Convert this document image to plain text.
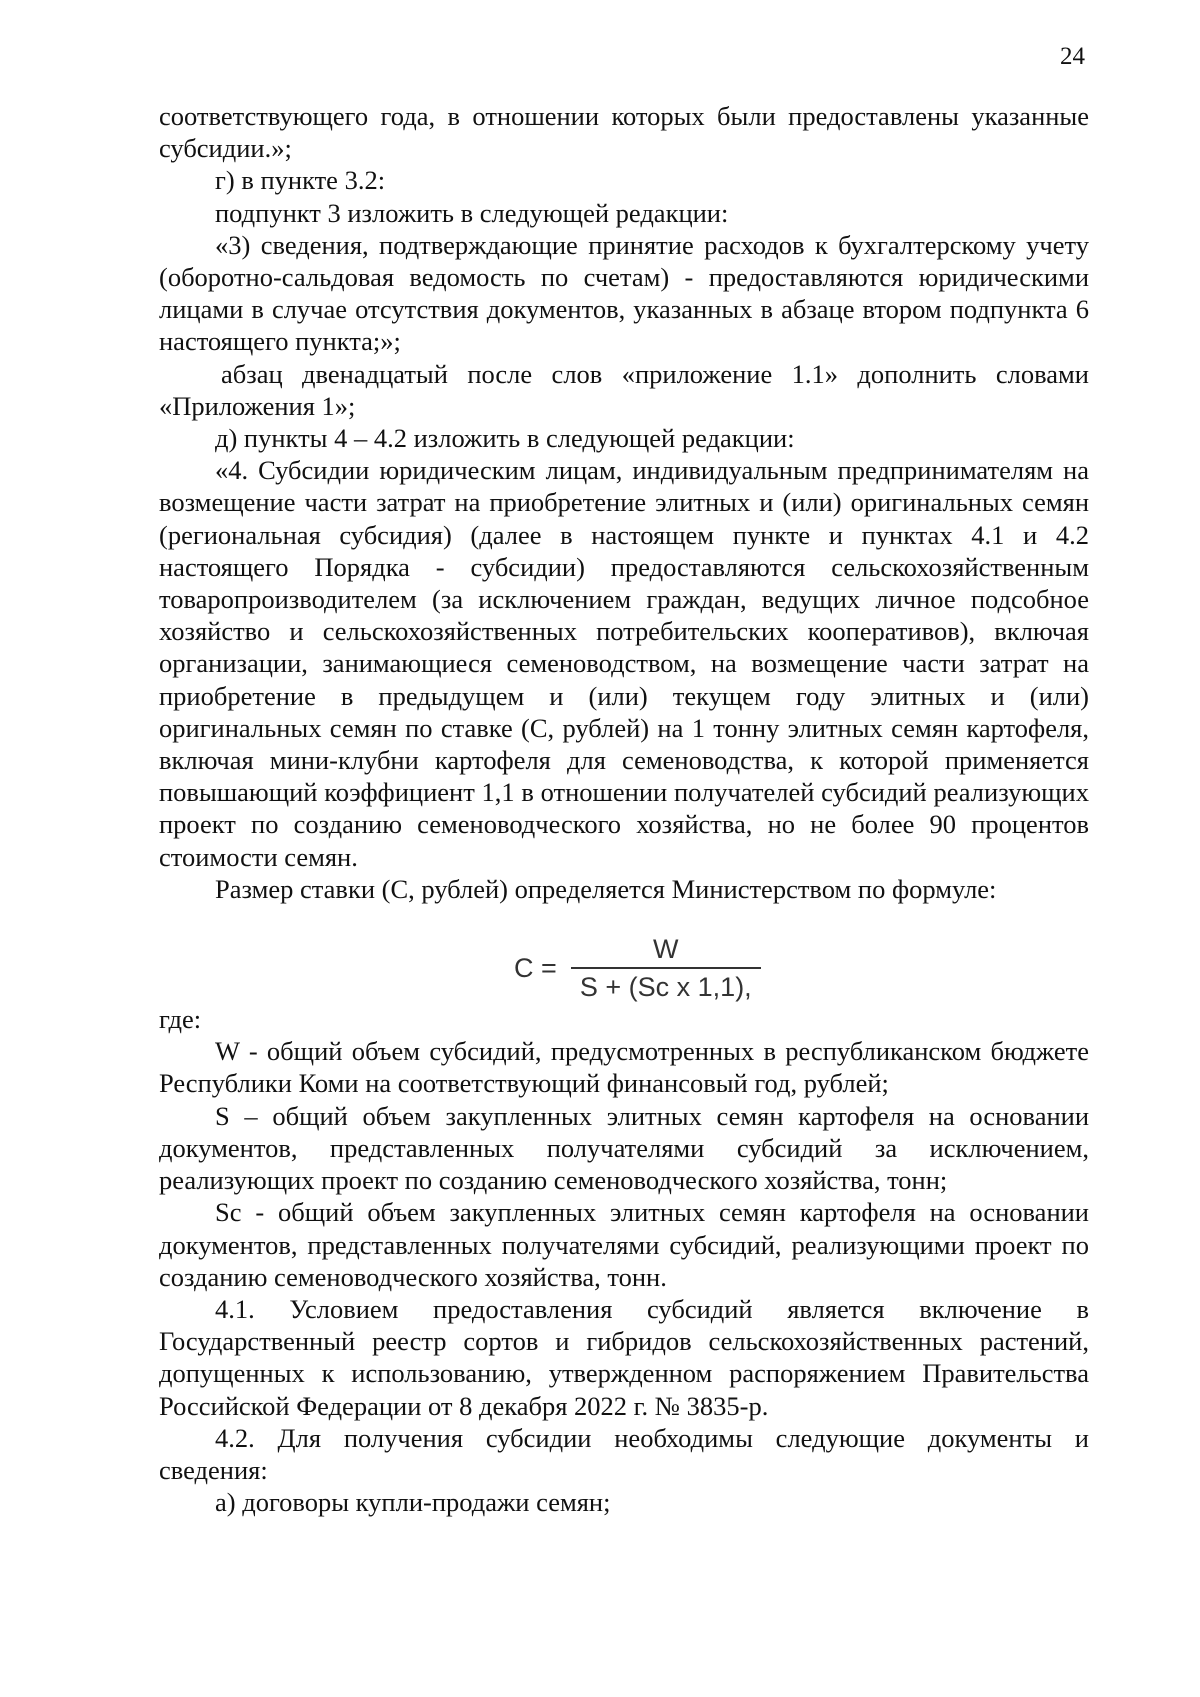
24

соответствующего года, в отношении которых были предоставлены указанные субсидии.»;

г) в пункте 3.2:

подпункт 3 изложить в следующей редакции:

«3) сведения, подтверждающие принятие расходов к бухгалтерскому учету (оборотно-сальдовая ведомость по счетам) - предоставляются юридическими лицами в случае отсутствия документов, указанных в абзаце втором подпункта 6 настоящего пункта;»;

абзац двенадцатый после слов «приложение 1.1» дополнить словами «Приложения 1»;

д) пункты 4 – 4.2 изложить в следующей редакции:

«4. Субсидии юридическим лицам, индивидуальным предпринимателям на возмещение части затрат на приобретение элитных и (или) оригинальных семян (региональная субсидия) (далее в настоящем пункте и пунктах 4.1 и 4.2 настоящего Порядка - субсидии) предоставляются сельскохозяйственным товаропроизводителем (за исключением граждан, ведущих личное подсобное хозяйство и сельскохозяйственных потребительских кооперативов), включая организации, занимающиеся семеноводством, на возмещение части затрат на приобретение в предыдущем и (или) текущем году элитных и (или) оригинальных семян по ставке (С, рублей) на 1 тонну элитных семян картофеля, включая мини-клубни картофеля для семеноводства, к которой применяется повышающий коэффициент 1,1 в отношении получателей субсидий реализующих проект по созданию семеноводческого хозяйства, но не более 90 процентов стоимости семян.

Размер ставки (С, рублей) определяется Министерством по формуле:

$C = \frac{W}{\text{S + (Sc x 1,1),}}$

где:

W - общий объем субсидий, предусмотренных в республиканском бюджете Республики Коми на соответствующий финансовый год, рублей;

S – общий объем закупленных элитных семян картофеля на основании документов, представленных получателями субсидий за исключением, реализующих проект по созданию семеноводческого хозяйства, тонн;

Sc - общий объем закупленных элитных семян картофеля на основании документов, представленных получателями субсидий, реализующими проект по созданию семеноводческого хозяйства, тонн.

4.1. Условием предоставления субсидий является включение в Государственный реестр сортов и гибридов сельскохозяйственных растений, допущенных к использованию, утвержденном распоряжением Правительства Российской Федерации от 8 декабря 2022 г. № 3835-р.

4.2. Для получения субсидии необходимы следующие документы и сведения:

а) договоры купли-продажи семян;
